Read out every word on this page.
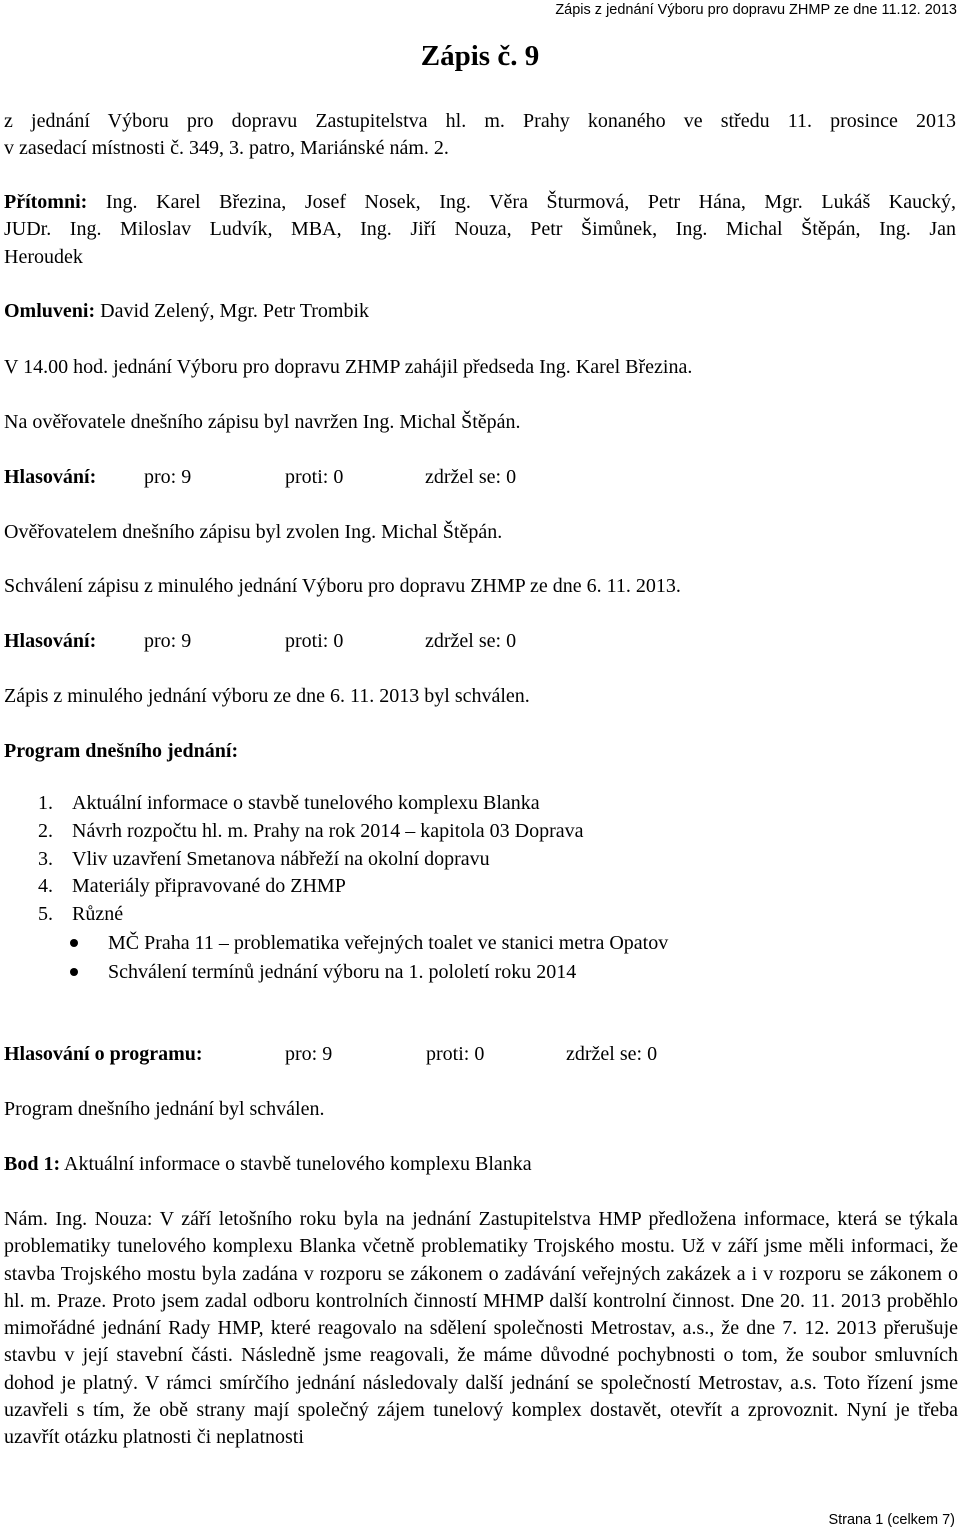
Zápis z jednání Výboru pro dopravu ZHMP ze dne 11.12. 2013
Zápis č. 9
z jednání Výboru pro dopravu Zastupitelstva hl. m. Prahy konaného ve středu 11. prosince 2013
v zasedací místnosti č. 349, 3. patro, Mariánské nám. 2.
Přítomni: Ing. Karel Březina, Josef Nosek, Ing. Věra Šturmová, Petr Hána, Mgr. Lukáš Kaucký,
JUDr. Ing. Miloslav Ludvík, MBA, Ing. Jiří Nouza, Petr Šimůnek, Ing. Michal Štěpán, Ing. Jan
Heroudek
Omluveni: David Zelený, Mgr. Petr Trombik
V 14.00 hod. jednání Výboru pro dopravu ZHMP zahájil předseda Ing. Karel Březina.
Na ověřovatele dnešního zápisu byl navržen Ing. Michal Štěpán.
Hlasování: pro: 9	proti: 0	zdržel se: 0
Ověřovatelem dnešního zápisu byl zvolen Ing. Michal Štěpán.
Schválení zápisu z minulého jednání Výboru pro dopravu ZHMP ze dne 6. 11. 2013.
Hlasování: pro: 9	proti: 0	zdržel se: 0
Zápis z minulého jednání výboru ze dne 6. 11. 2013 byl schválen.
Program dnešního jednání:
1. Aktuální informace o stavbě tunelového komplexu Blanka
2. Návrh rozpočtu hl. m. Prahy na rok 2014 – kapitola 03 Doprava
3. Vliv uzavření Smetanova nábřeží na okolní dopravu
4. Materiály připravované do ZHMP
5. Různé
MČ Praha 11 – problematika veřejných toalet ve stanici metra Opatov
Schválení termínů jednání výboru na 1. pololetí roku 2014
Hlasování o programu:	pro: 9	proti: 0	zdržel se: 0
Program dnešního jednání byl schválen.
Bod 1: Aktuální informace o stavbě tunelového komplexu Blanka
Nám. Ing. Nouza: V září letošního roku byla na jednání Zastupitelstva HMP předložena informace, která se týkala problematiky tunelového komplexu Blanka včetně problematiky Trojského mostu. Už v září jsme měli informaci, že stavba Trojského mostu byla zadána v rozporu se zákonem o zadávání veřejných zakázek a i v rozporu se zákonem o hl. m. Praze. Proto jsem zadal odboru kontrolních činností MHMP další kontrolní činnost. Dne 20. 11. 2013 proběhlo mimořádné jednání Rady HMP, které reagovalo na sdělení společnosti Metrostav, a.s., že dne 7. 12. 2013 přerušuje stavbu v její stavební části. Následně jsme reagovali, že máme důvodné pochybnosti o tom, že soubor smluvních dohod je platný. V rámci smírčího jednání následovaly další jednání se společností Metrostav, a.s. Toto řízení jsme uzavřeli s tím, že obě strany mají společný zájem tunelový komplex dostavět, otevřít a zprovoznit. Nyní je třeba uzavřít otázku platnosti či neplatnosti
Strana 1 (celkem 7)
